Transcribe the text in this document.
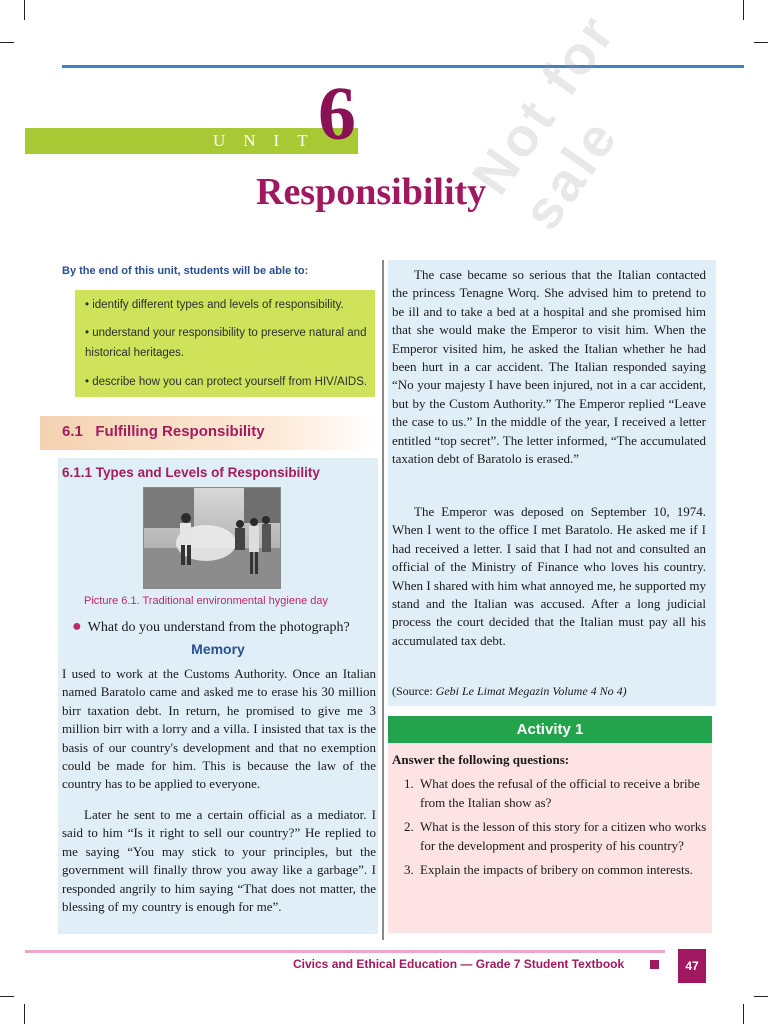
UNIT
6
Responsibility
Not for sale
By the end of this unit, students will be able to:
• identify different types and levels of responsibility.
• understand your responsibility to preserve natural and historical heritages.
• describe how you can protect yourself from HIV/AIDS.
6.1 Fulfilling Responsibility
6.1.1 Types and Levels of Responsibility
Picture 6.1. Traditional environmental hygiene day
● What do you understand from the photograph?
Memory

I used to work at the Customs Authority. Once an Italian named Baratolo came and asked me to erase his 30 million birr taxation debt. In return, he promised to give me 3 million birr with a lorry and a villa. I insisted that tax is the basis of our country's development and that no exemption could be made for him. This is because the law of the country has to be applied to everyone.

Later he sent to me a certain official as a mediator. I said to him “Is it right to sell our country?” He replied to me saying “You may stick to your principles, but the government will finally throw you away like a garbage”. I responded angrily to him saying “That does not matter, the blessing of my country is enough for me”.

The case became so serious that the Italian contacted the princess Tenagne Worq. She advised him to pretend to be ill and to take a bed at a hospital and she promised him that she would make the Emperor to visit him. When the Emperor visited him, he asked the Italian whether he had been hurt in a car accident. The Italian responded saying “No your majesty I have been injured, not in a car accident, but by the Custom Authority.” The Emperor replied “Leave the case to us.” In the middle of the year, I received a letter entitled “top secret”. The letter informed, “The accumulated taxation debt of Baratolo is erased.”

The Emperor was deposed on September 10, 1974. When I went to the office I met Baratolo. He asked me if I had received a letter. I said that I had not and consulted an official of the Ministry of Finance who loves his country. When I shared with him what annoyed me, he supported my stand and the Italian was accused. After a long judicial process the court decided that the Italian must pay all his accumulated tax debt.

(Source: Gebi Le Limat Megazin Volume 4 No 4)
Activity 1
Answer the following questions:
1. What does the refusal of the official to receive a bribe from the Italian show as?
2. What is the lesson of this story for a citizen who works for the development and prosperity of his country?
3. Explain the impacts of bribery on common interests.
Civics and Ethical Education — Grade 7 Student Textbook	47
